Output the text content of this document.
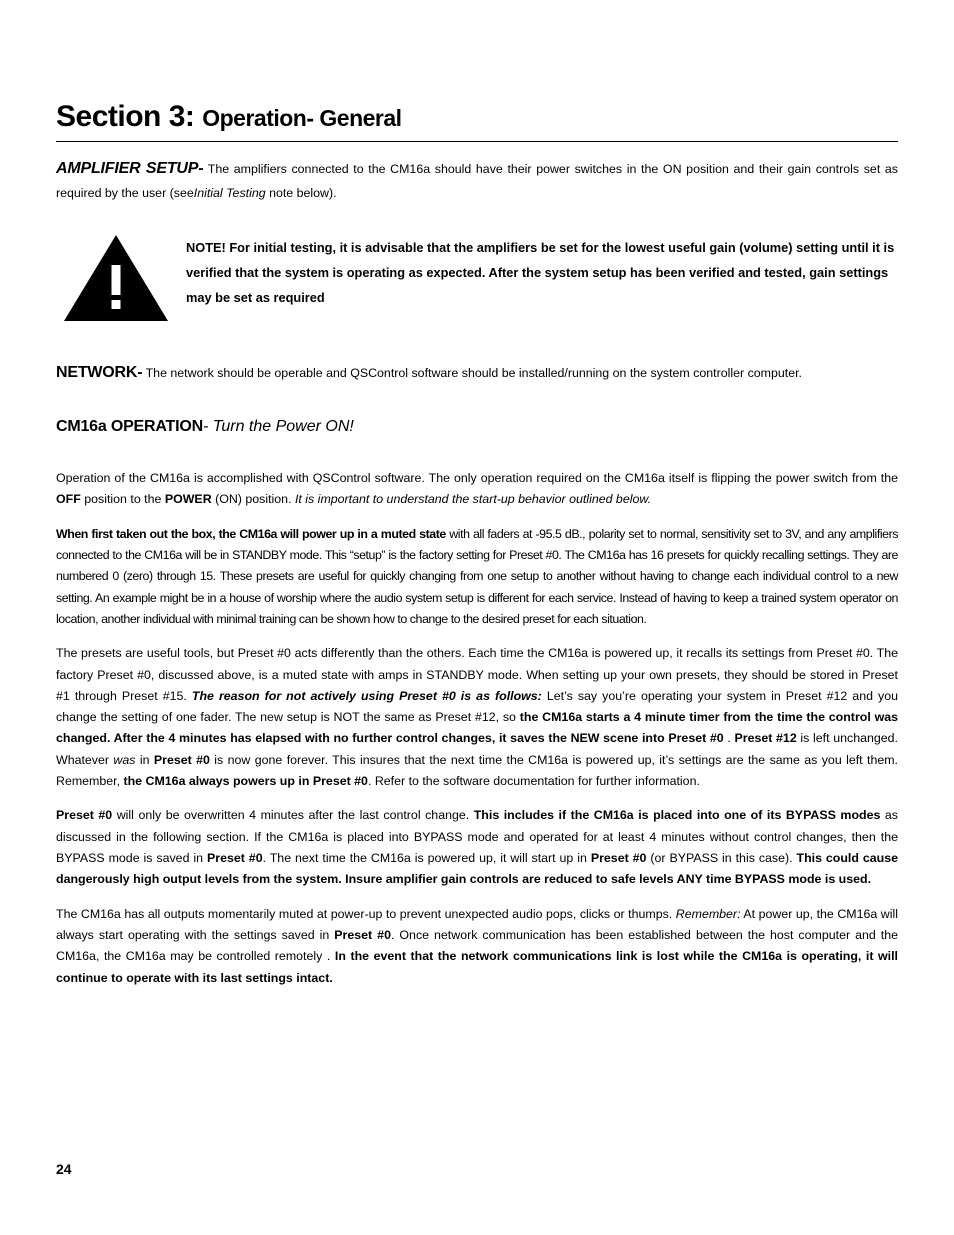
Section 3: Operation- General

AMPLIFIER SETUP- The amplifiers connected to the CM16a should have their power switches in the ON position and their gain controls set as required by the user (seeInitial Testing note below).

NOTE! For initial testing, it is advisable that the amplifiers be set for the lowest useful gain (volume) setting until it is verified that the system is operating as expected. After the system setup has been verified and tested, gain settings may be set as required

NETWORK- The network should be operable and QSControl software should be installed/running on the system controller computer.

CM16a OPERATION- Turn the Power ON!

Operation of the CM16a is accomplished with QSControl software. The only operation required on the CM16a itself is flipping the power switch from the OFF position to the POWER (ON) position. It is important to understand the start-up behavior outlined below.

When first taken out the box, the CM16a will power up in a muted state with all faders at -95.5 dB., polarity set to normal, sensitivity set to 3V, and any amplifiers connected to the CM16a will be in STANDBY mode. This “setup” is the factory setting for Preset #0. The CM16a has 16 presets for quickly recalling settings. They are numbered 0 (zero) through 15. These presets are useful for quickly changing from one setup to another without having to change each individual control to a new setting. An example might be in a house of worship where the audio system setup is different for each service. Instead of having to keep a trained system operator on location, another individual with minimal training can be shown how to change to the desired preset for each situation.

The presets are useful tools, but Preset #0 acts differently than the others. Each time the CM16a is powered up, it recalls its settings from Preset #0. The factory Preset #0, discussed above, is a muted state with amps in STANDBY mode. When setting up your own presets, they should be stored in Preset #1 through Preset #15. The reason for not actively using Preset #0 is as follows: Let’s say you’re operating your system in Preset #12 and you change the setting of one fader. The new setup is NOT the same as Preset #12, so the CM16a starts a 4 minute timer from the time the control was changed. After the 4 minutes has elapsed with no further control changes, it saves the NEW scene into Preset #0 . Preset #12 is left unchanged. Whatever was in Preset #0 is now gone forever. This insures that the next time the CM16a is powered up, it’s settings are the same as you left them. Remember, the CM16a always powers up in Preset #0. Refer to the software documentation for further information.

Preset #0 will only be overwritten 4 minutes after the last control change. This includes if the CM16a is placed into one of its BYPASS modes as discussed in the following section. If the CM16a is placed into BYPASS mode and operated for at least 4 minutes without control changes, then the BYPASS mode is saved in Preset #0. The next time the CM16a is powered up, it will start up in Preset #0 (or BYPASS in this case). This could cause dangerously high output levels from the system. Insure amplifier gain controls are reduced to safe levels ANY time BYPASS mode is used.

The CM16a has all outputs momentarily muted at power-up to prevent unexpected audio pops, clicks or thumps. Remember: At power up, the CM16a will always start operating with the settings saved in Preset #0. Once network communication has been established between the host computer and the CM16a, the CM16a may be controlled remotely . In the event that the network communications link is lost while the CM16a is operating, it will continue to operate with its last settings intact.

24
